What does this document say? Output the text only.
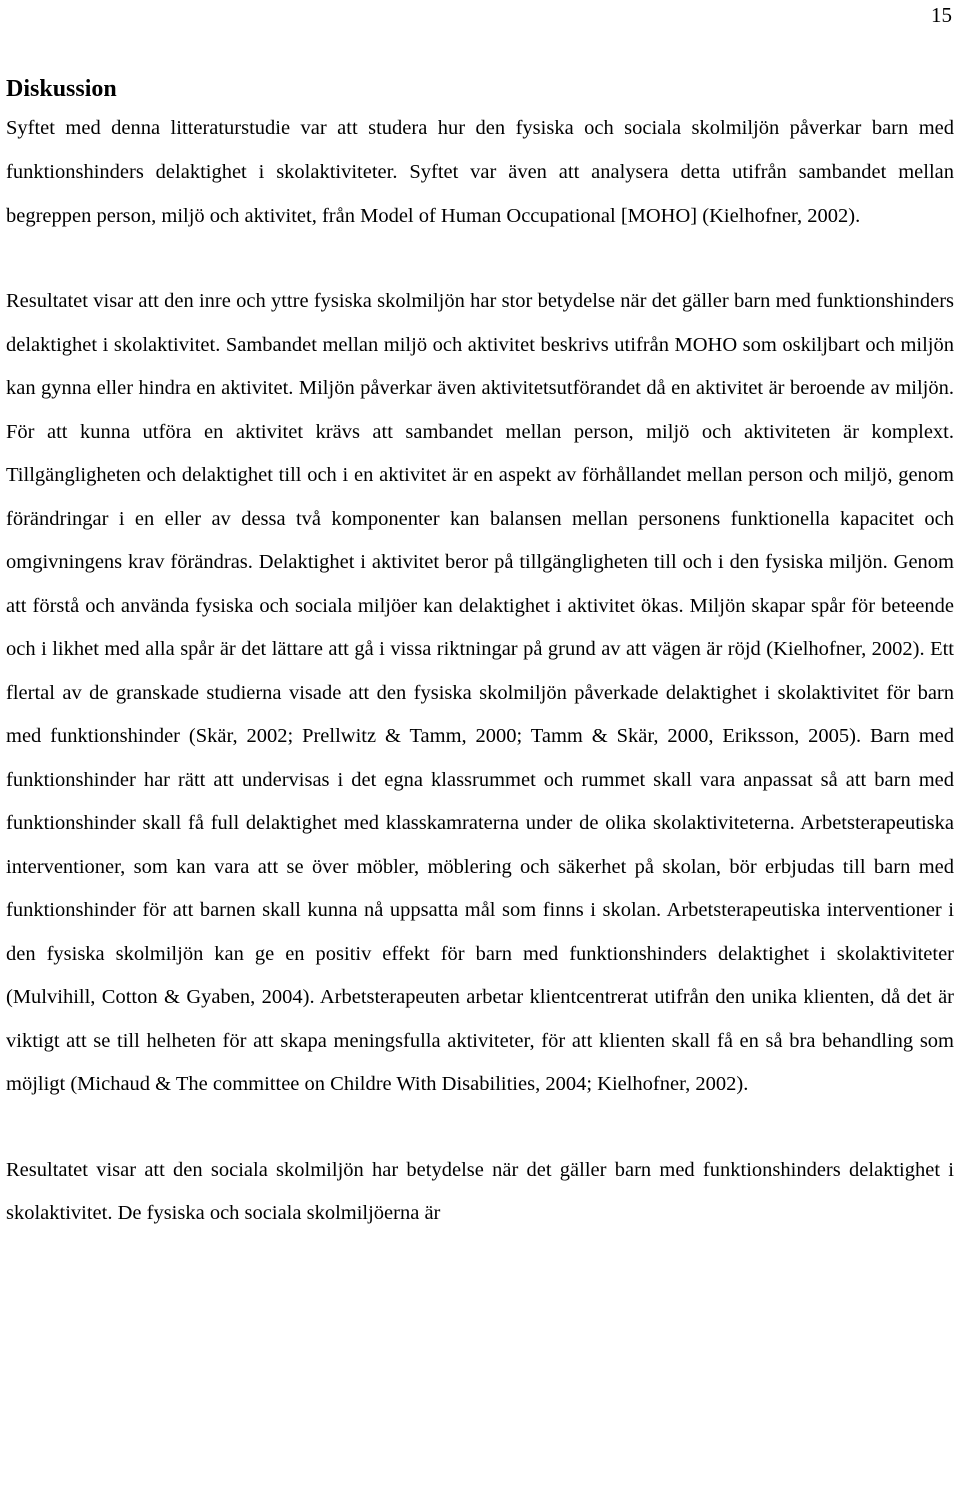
15
Diskussion

Syftet med denna litteraturstudie var att studera hur den fysiska och sociala skolmiljön påverkar barn med funktionshinders delaktighet i skolaktiviteter. Syftet var även att analysera detta utifrån sambandet mellan begreppen person, miljö och aktivitet, från Model of Human Occupational [MOHO] (Kielhofner, 2002).

Resultatet visar att den inre och yttre fysiska skolmiljön har stor betydelse när det gäller barn med funktionshinders delaktighet i skolaktivitet. Sambandet mellan miljö och aktivitet beskrivs utifrån MOHO som oskiljbart och miljön kan gynna eller hindra en aktivitet. Miljön påverkar även aktivitetsutförandet då en aktivitet är beroende av miljön. För att kunna utföra en aktivitet krävs att sambandet mellan person, miljö och aktiviteten är komplext. Tillgängligheten och delaktighet till och i en aktivitet är en aspekt av förhållandet mellan person och miljö, genom förändringar i en eller av dessa två komponenter kan balansen mellan personens funktionella kapacitet och omgivningens krav förändras. Delaktighet i aktivitet beror på tillgängligheten till och i den fysiska miljön. Genom att förstå och använda fysiska och sociala miljöer kan delaktighet i aktivitet ökas. Miljön skapar spår för beteende och i likhet med alla spår är det lättare att gå i vissa riktningar på grund av att vägen är röjd (Kielhofner, 2002). Ett flertal av de granskade studierna visade att den fysiska skolmiljön påverkade delaktighet i skolaktivitet för barn med funktionshinder (Skär, 2002; Prellwitz & Tamm, 2000; Tamm & Skär, 2000, Eriksson, 2005). Barn med funktionshinder har rätt att undervisas i det egna klassrummet och rummet skall vara anpassat så att barn med funktionshinder skall få full delaktighet med klasskamraterna under de olika skolaktiviteterna. Arbetsterapeutiska interventioner, som kan vara att se över möbler, möblering och säkerhet på skolan, bör erbjudas till barn med funktionshinder för att barnen skall kunna nå uppsatta mål som finns i skolan. Arbetsterapeutiska interventioner i den fysiska skolmiljön kan ge en positiv effekt för barn med funktionshinders delaktighet i skolaktiviteter (Mulvihill, Cotton & Gyaben, 2004). Arbetsterapeuten arbetar klientcentrerat utifrån den unika klienten, då det är viktigt att se till helheten för att skapa meningsfulla aktiviteter, för att klienten skall få en så bra behandling som möjligt (Michaud & The committee on Childre With Disabilities, 2004; Kielhofner, 2002).

Resultatet visar att den sociala skolmiljön har betydelse när det gäller barn med funktionshinders delaktighet i skolaktivitet. De fysiska och sociala skolmiljöerna är
